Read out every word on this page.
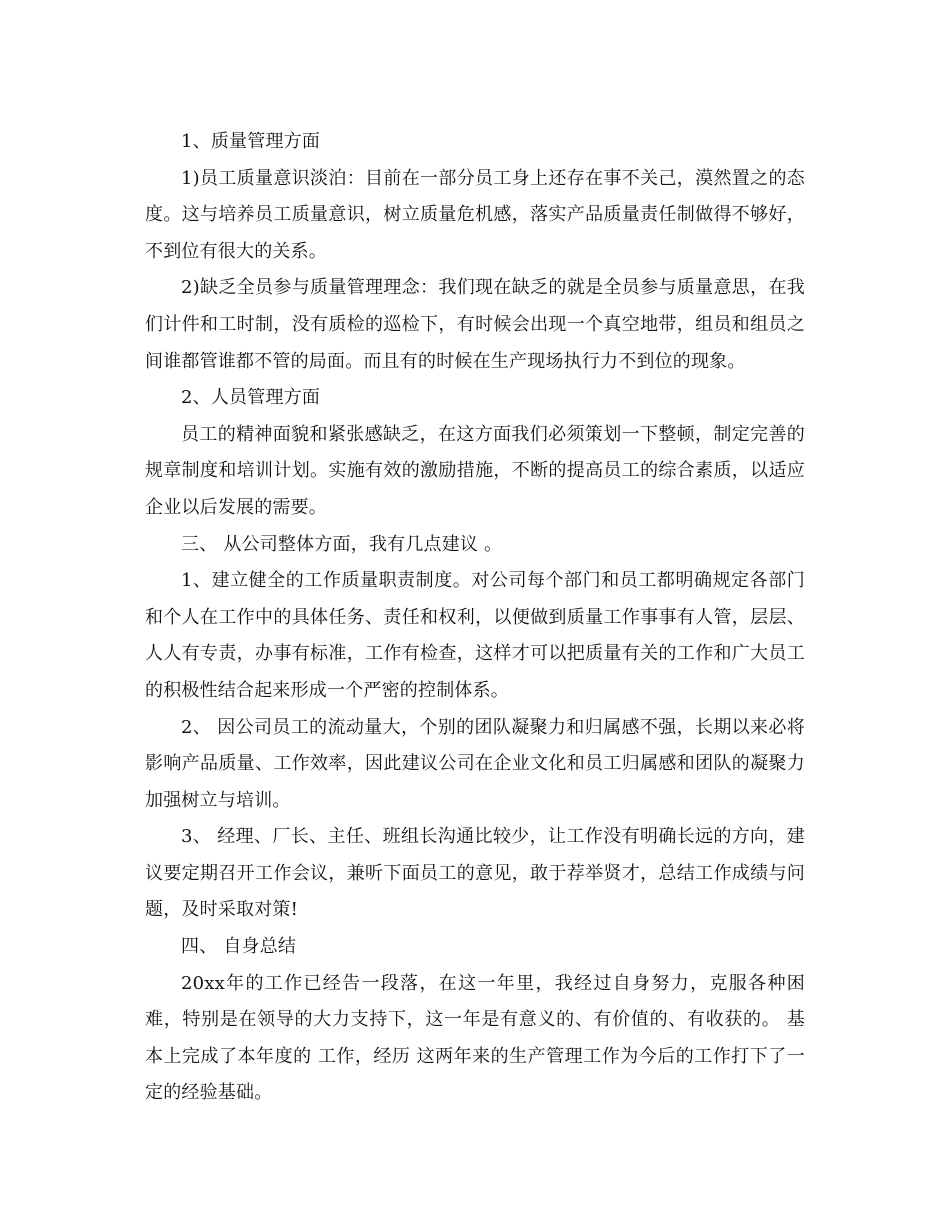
1、质量管理方面

1)员工质量意识淡泊：目前在一部分员工身上还存在事不关己，漠然置之的态度。这与培养员工质量意识，树立质量危机感，落实产品质量责任制做得不够好，不到位有很大的关系。

2)缺乏全员参与质量管理理念：我们现在缺乏的就是全员参与质量意思，在我们计件和工时制，没有质检的巡检下，有时候会出现一个真空地带，组员和组员之间谁都管谁都不管的局面。而且有的时候在生产现场执行力不到位的现象。

2、人员管理方面

员工的精神面貌和紧张感缺乏，在这方面我们必须策划一下整顿，制定完善的规章制度和培训计划。实施有效的激励措施，不断的提高员工的综合素质，以适应企业以后发展的需要。

三、 从公司整体方面，我有几点建议 。

1、建立健全的工作质量职责制度。对公司每个部门和员工都明确规定各部门和个人在工作中的具体任务、责任和权利，以便做到质量工作事事有人管，层层、人人有专责，办事有标准，工作有检查，这样才可以把质量有关的工作和广大员工的积极性结合起来形成一个严密的控制体系。

2、 因公司员工的流动量大，个别的团队凝聚力和归属感不强，长期以来必将影响产品质量、工作效率，因此建议公司在企业文化和员工归属感和团队的凝聚力加强树立与培训。

3、 经理、厂长、主任、班组长沟通比较少，让工作没有明确长远的方向，建议要定期召开工作会议，兼听下面员工的意见，敢于荐举贤才，总结工作成绩与问题，及时采取对策!

四、 自身总结

20xx年的工作已经告一段落，在这一年里，我经过自身努力，克服各种困难，特别是在领导的大力支持下，这一年是有意义的、有价值的、有收获的。 基本上完成了本年度的 工作，经历 这两年来的生产管理工作为今后的工作打下了一定的经验基础。
